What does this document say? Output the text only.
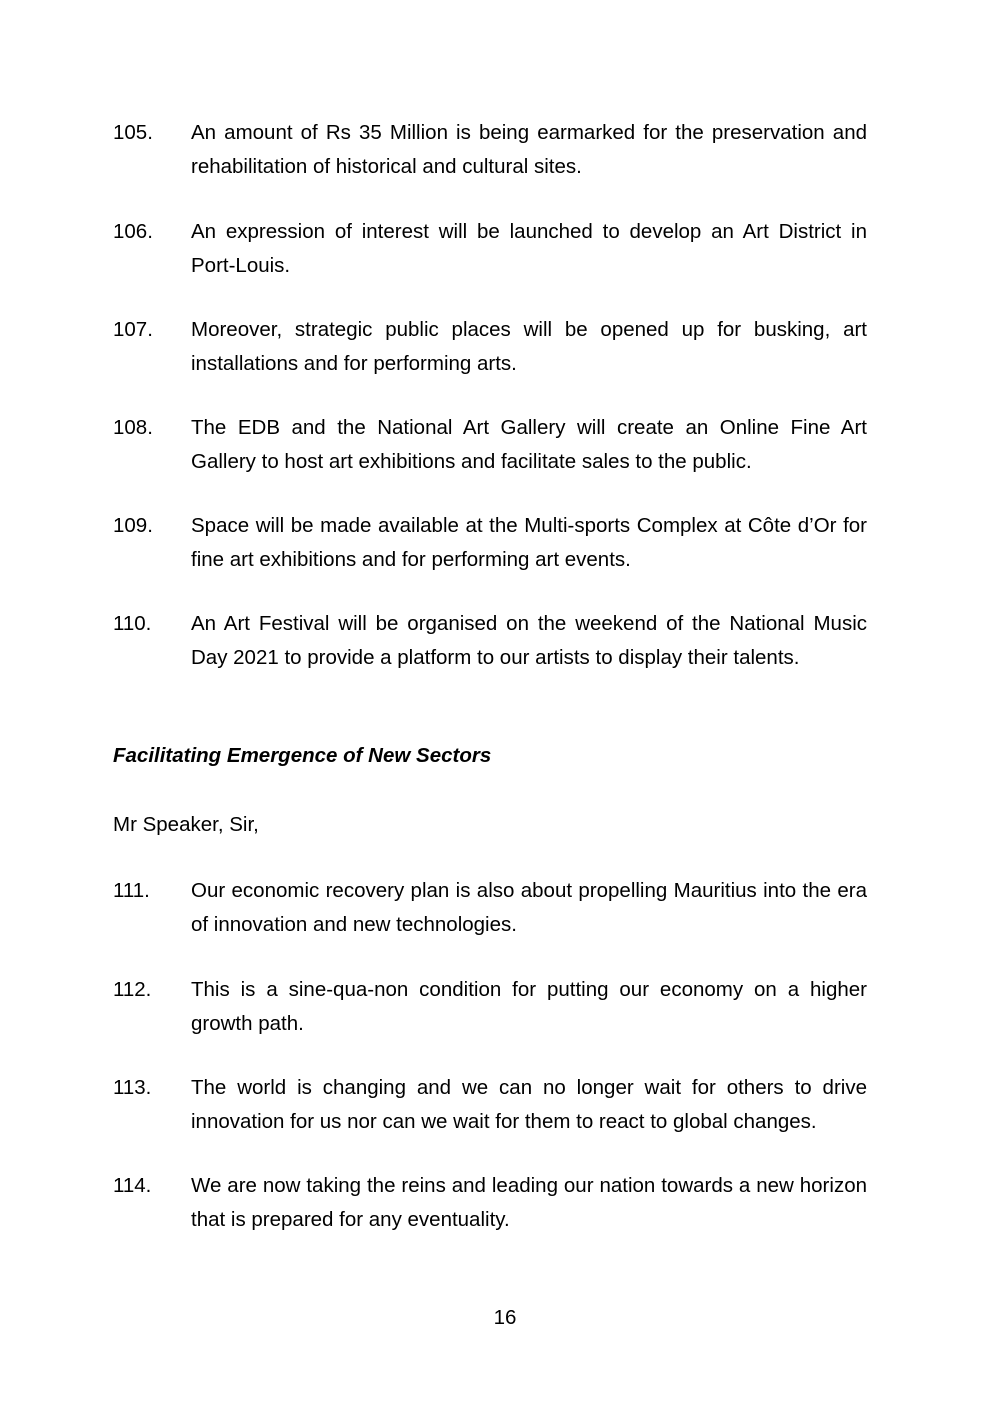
105.	An amount of Rs 35 Million is being earmarked for the preservation and rehabilitation of historical and cultural sites.
106.	An expression of interest will be launched to develop an Art District in Port-Louis.
107.	Moreover, strategic public places will be opened up for busking, art installations and for performing arts.
108.	The EDB and the National Art Gallery will create an Online Fine Art Gallery to host art exhibitions and facilitate sales to the public.
109.	Space will be made available at the Multi-sports Complex at Côte d’Or for fine art exhibitions and for performing art events.
110.	An Art Festival will be organised on the weekend of the National Music Day 2021 to provide a platform to our artists to display their talents.
Facilitating Emergence of New Sectors
Mr Speaker, Sir,
111.	Our economic recovery plan is also about propelling Mauritius into the era of innovation and new technologies.
112.	This is a sine-qua-non condition for putting our economy on a higher growth path.
113.	The world is changing and we can no longer wait for others to drive innovation for us nor can we wait for them to react to global changes.
114.	We are now taking the reins and leading our nation towards a new horizon that is prepared for any eventuality.
16
